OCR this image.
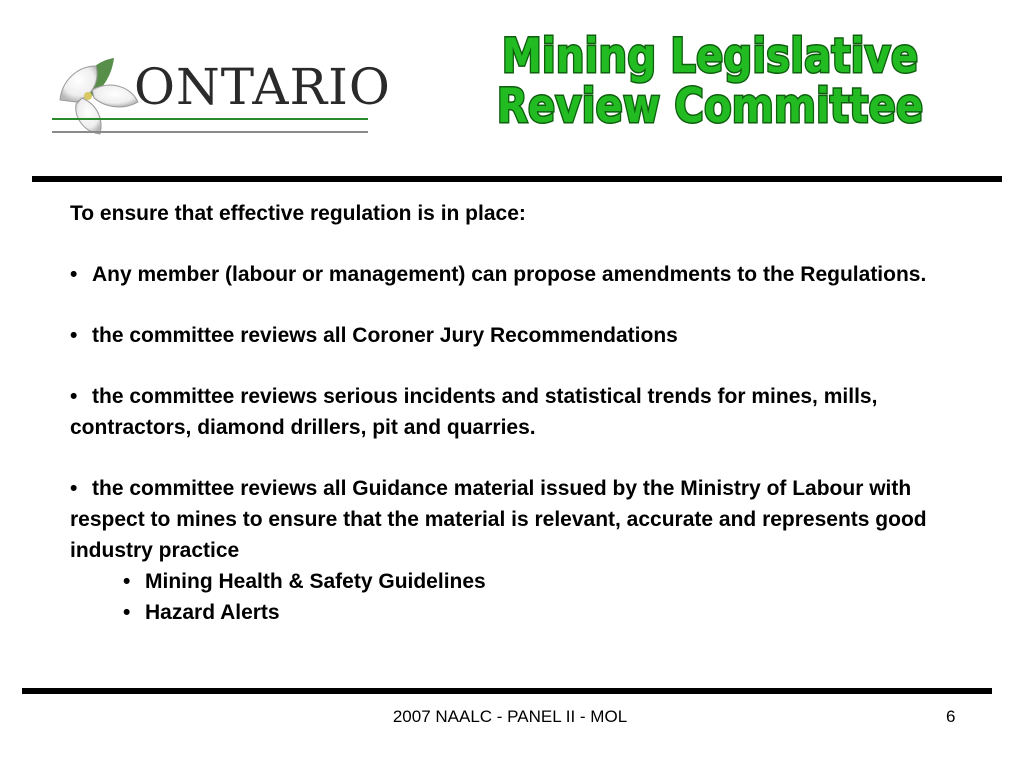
ONTARIO
Mining Legislative
Review Committee

To ensure that effective regulation is in place:

• Any member (labour or management) can propose amendments to the Regulations.

• the committee reviews all Coroner Jury Recommendations

• the committee reviews serious incidents and statistical trends for mines, mills, contractors, diamond drillers, pit and quarries.

• the committee reviews all Guidance material issued by the Ministry of Labour with respect to mines to ensure that the material is relevant, accurate and represents good industry practice

• Mining Health & Safety Guidelines

• Hazard Alerts

2007 NAALC - PANEL II - MOL	6
